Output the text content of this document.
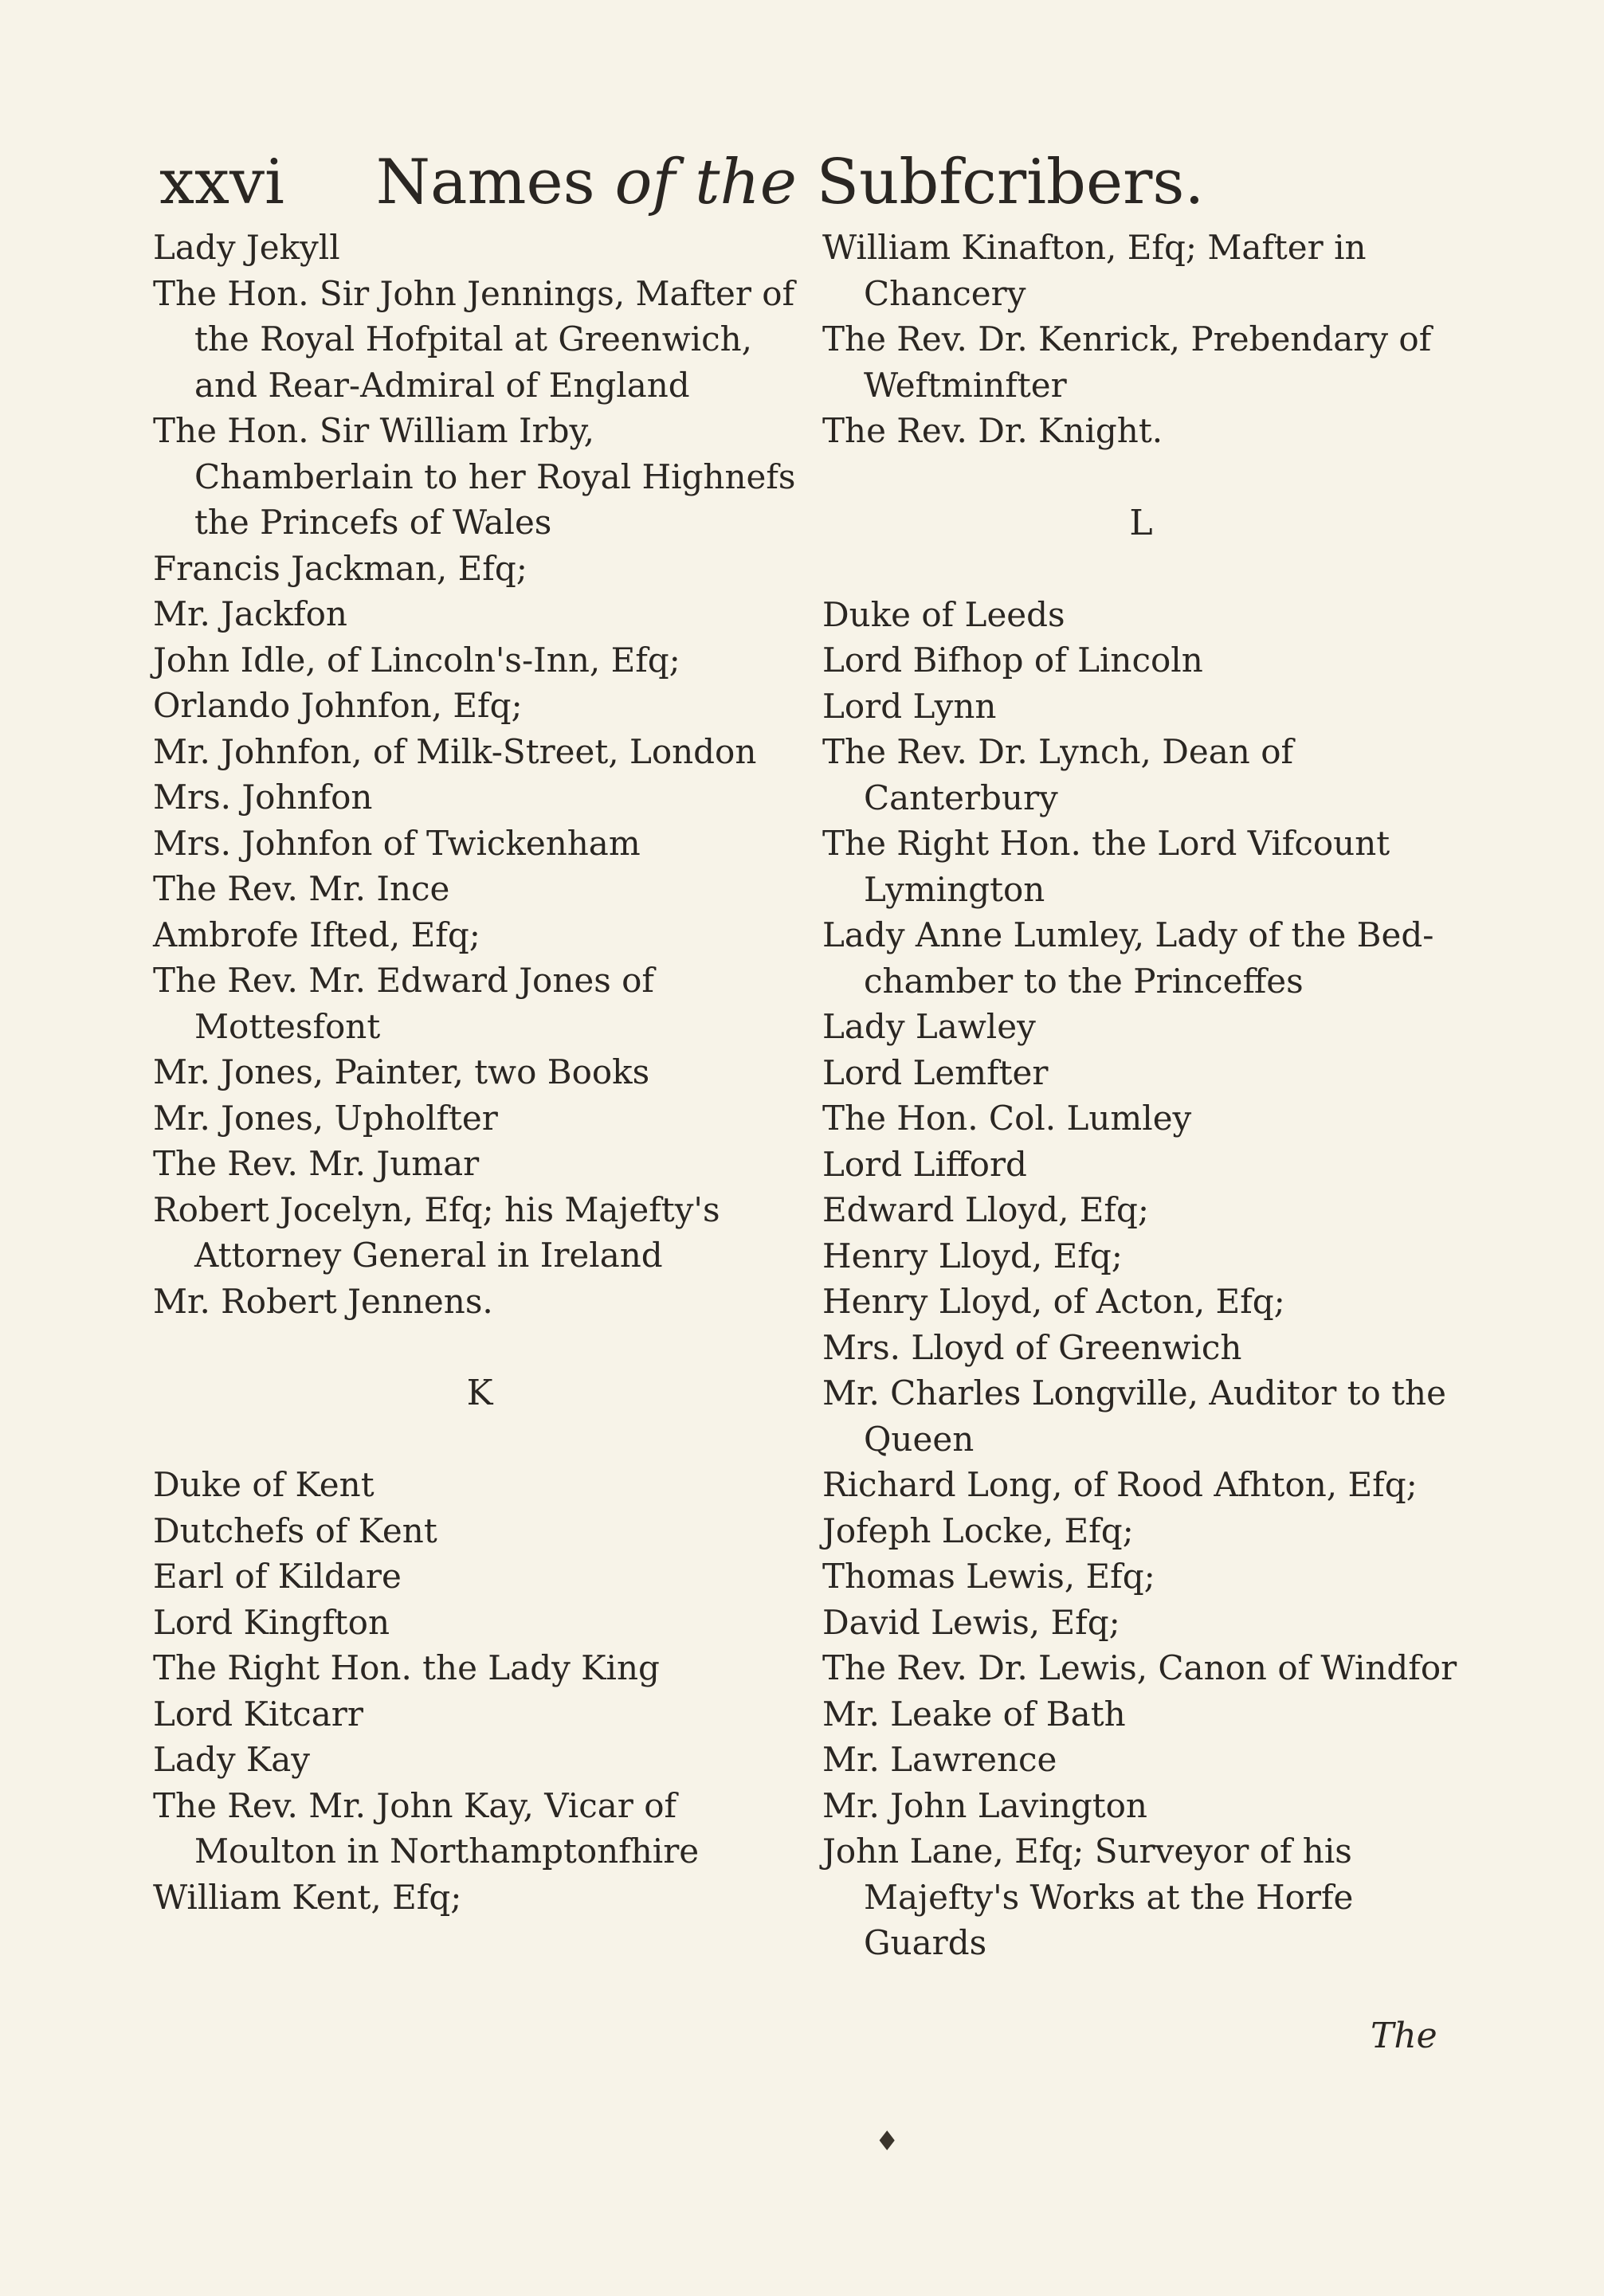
xxvi Names of the Subfcribers.
Lady Jekyll
The Hon. Sir John Jennings, Mafter of the Royal Hofpital at Greenwich, and Rear-Admiral of England
The Hon. Sir William Irby, Chamberlain to her Royal Highnefs the Princefs of Wales
Francis Jackman, Efq;
Mr. Jackfon
John Idle, of Lincoln's-Inn, Efq;
Orlando Johnfon, Efq;
Mr. Johnfon, of Milk-Street, London
Mrs. Johnfon
Mrs. Johnfon of Twickenham
The Rev. Mr. Ince
Ambrofe Ifted, Efq;
The Rev. Mr. Edward Jones of Mottesfont
Mr. Jones, Painter, two Books
Mr. Jones, Upholfter
The Rev. Mr. Jumar
Robert Jocelyn, Efq; his Majefty's Attorney General in Ireland
Mr. Robert Jennens.
K
Duke of Kent
Dutchefs of Kent
Earl of Kildare
Lord Kingfton
The Right Hon. the Lady King
Lord Kitcarr
Lady Kay
The Rev. Mr. John Kay, Vicar of Moulton in Northamptonfhire
William Kent, Efq;
William Kinafton, Efq; Mafter in Chancery
The Rev. Dr. Kenrick, Prebendary of Weftminfter
The Rev. Dr. Knight.
L
Duke of Leeds
Lord Bifhop of Lincoln
Lord Lynn
The Rev. Dr. Lynch, Dean of Canterbury
The Right Hon. the Lord Vifcount Lymington
Lady Anne Lumley, Lady of the Bed-chamber to the Princeffes
Lady Lawley
Lord Lemfter
The Hon. Col. Lumley
Lord Lifford
Edward Lloyd, Efq;
Henry Lloyd, Efq;
Henry Lloyd, of Acton, Efq;
Mrs. Lloyd of Greenwich
Mr. Charles Longville, Auditor to the Queen
Richard Long, of Rood Afhton, Efq;
Jofeph Locke, Efq;
Thomas Lewis, Efq;
David Lewis, Efq;
The Rev. Dr. Lewis, Canon of Windfor
Mr. Leake of Bath
Mr. Lawrence
Mr. John Lavington
John Lane, Efq; Surveyor of his Majefty's Works at the Horfe Guards
The
♦
